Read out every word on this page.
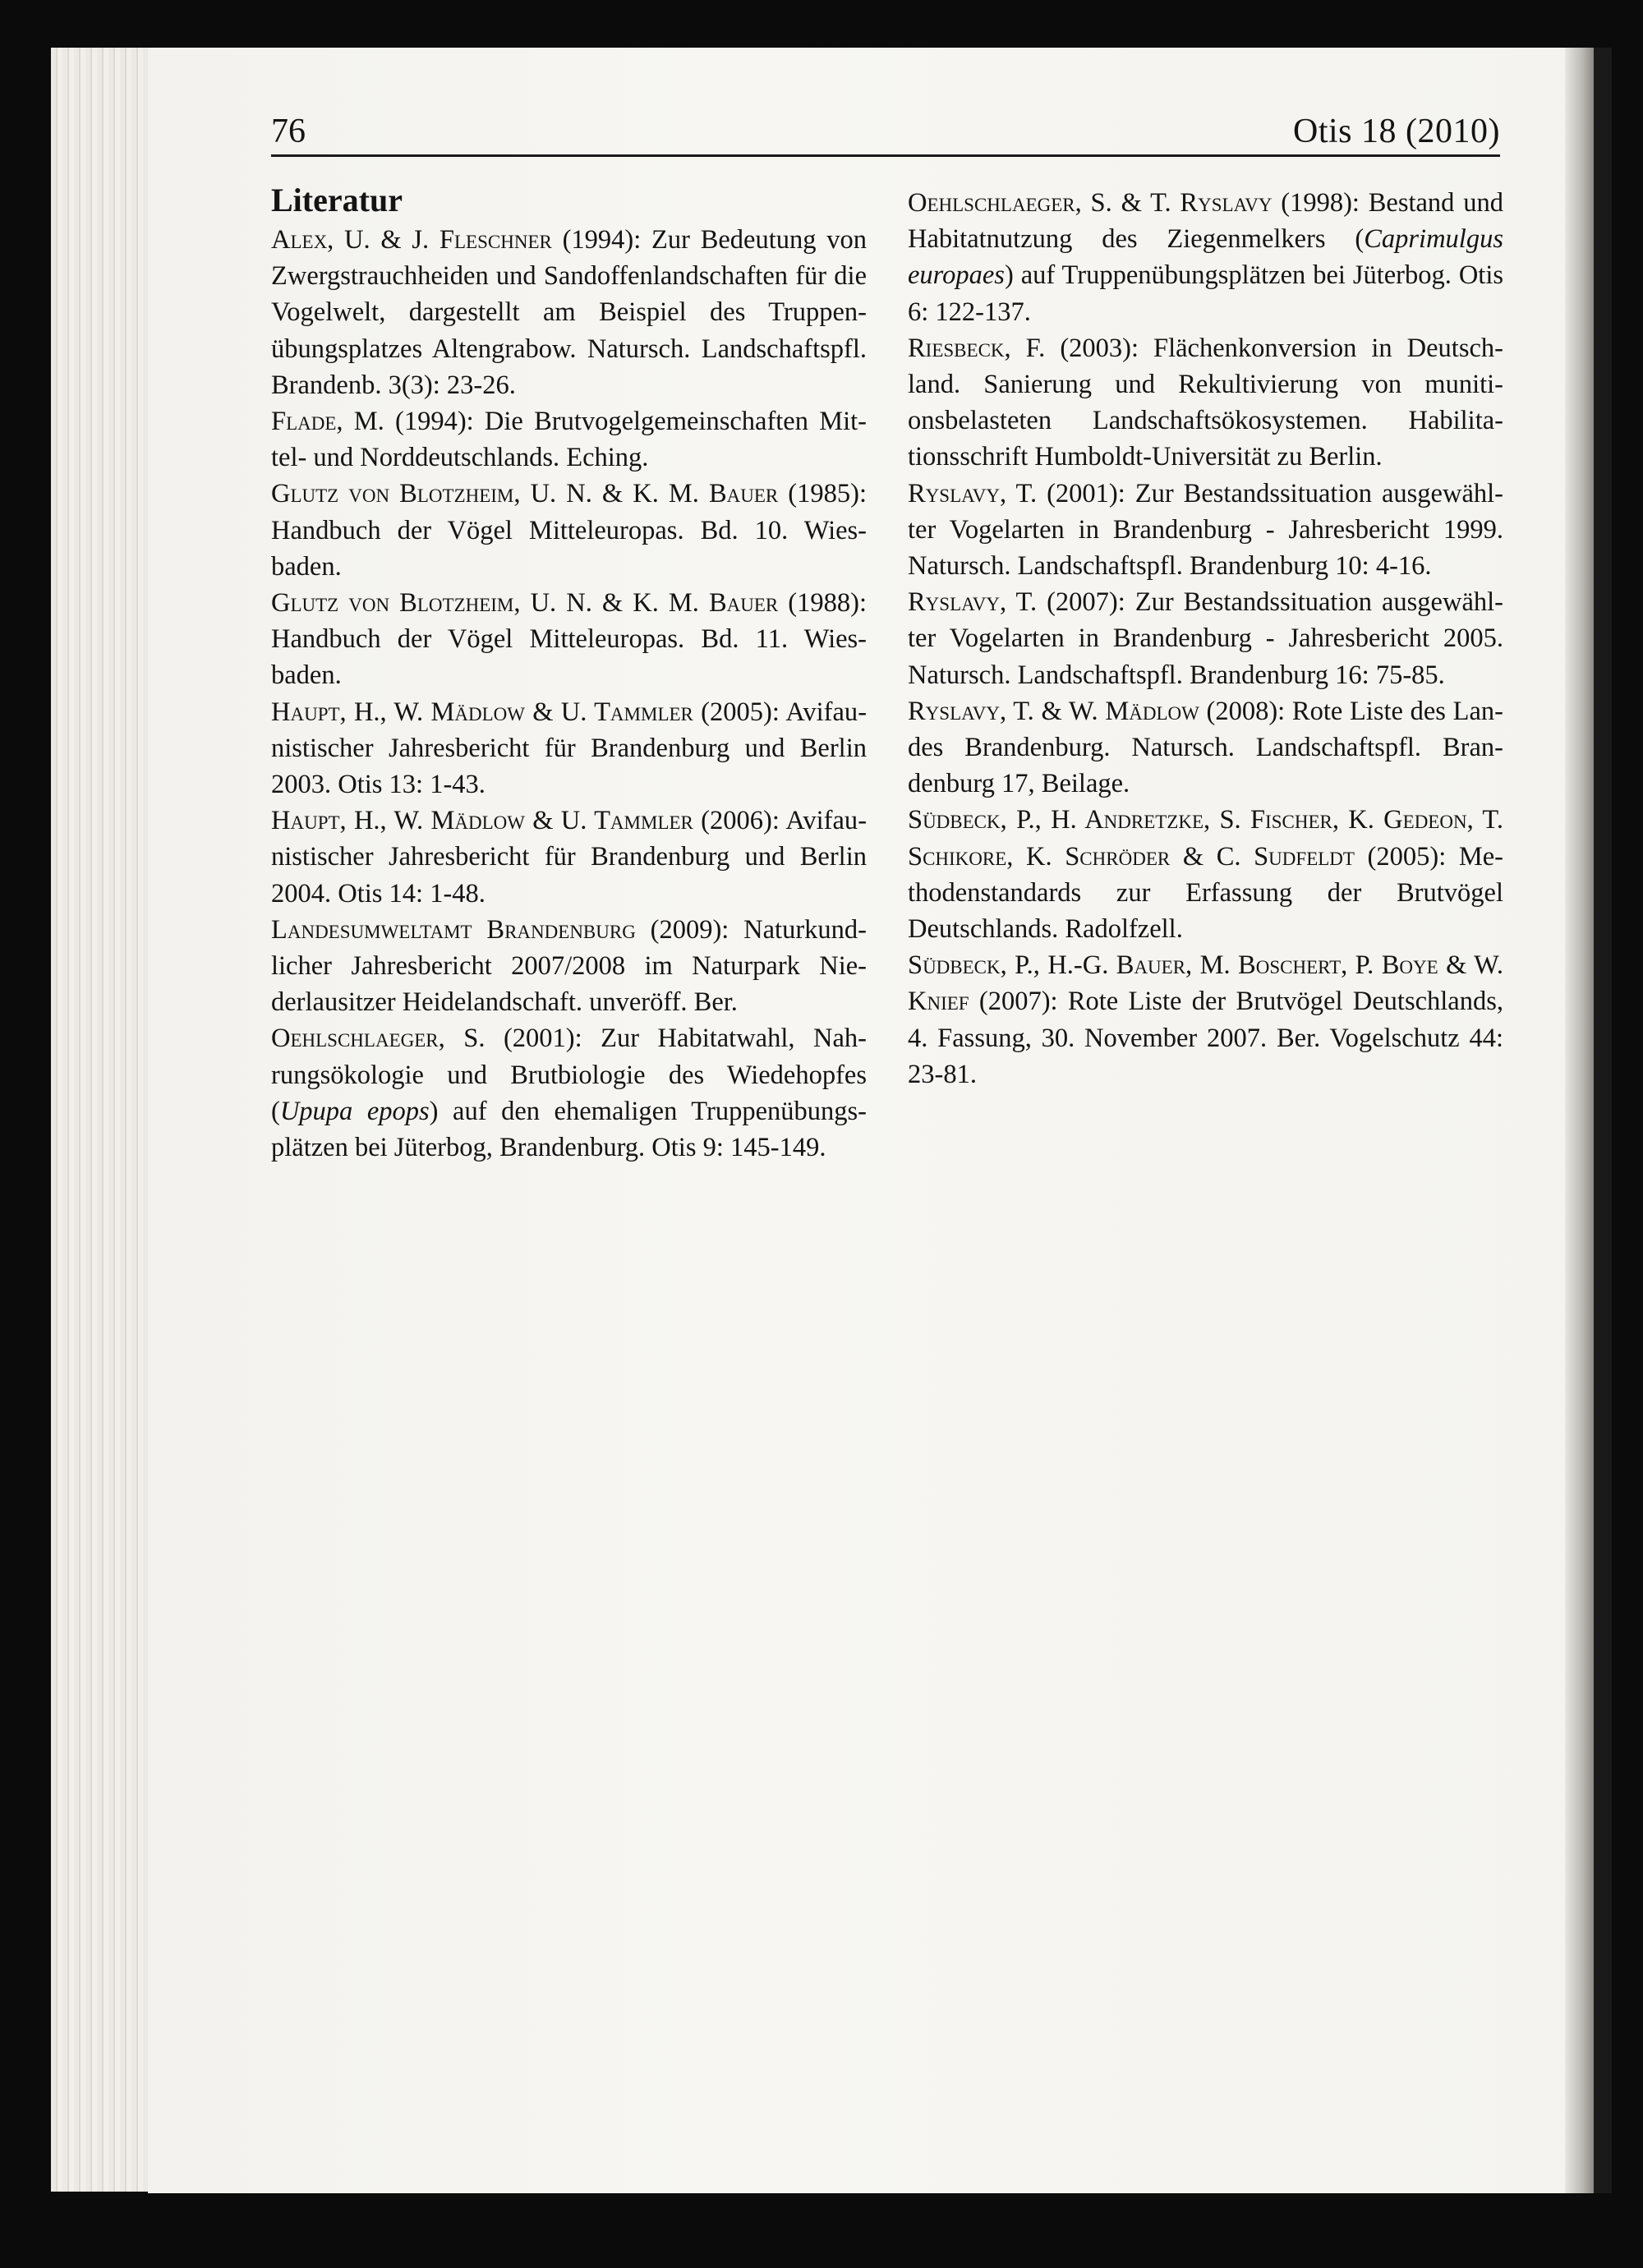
76	Otis 18 (2010)
Literatur

Alex, U. & J. Fleschner (1994): Zur Bedeutung von Zwergstrauchheiden und Sandoffenlandschaften für die Vogelwelt, dargestellt am Beispiel des Truppenübungsplatzes Altengrabow. Natursch. Landschaftspfl. Brandenb. 3(3): 23-26.

Flade, M. (1994): Die Brutvogelgemeinschaften Mittel- und Norddeutschlands. Eching.

Glutz von Blotzheim, U. N. & K. M. Bauer (1985): Handbuch der Vögel Mitteleuropas. Bd. 10. Wiesbaden.

Glutz von Blotzheim, U. N. & K. M. Bauer (1988): Handbuch der Vögel Mitteleuropas. Bd. 11. Wiesbaden.

Haupt, H., W. Mädlow & U. Tammler (2005): Avifaunistischer Jahresbericht für Brandenburg und Berlin 2003. Otis 13: 1-43.

Haupt, H., W. Mädlow & U. Tammler (2006): Avifaunistischer Jahresbericht für Brandenburg und Berlin 2004. Otis 14: 1-48.

Landesumweltamt Brandenburg (2009): Naturkundlicher Jahresbericht 2007/2008 im Naturpark Niederlausitzer Heidelandschaft. unveröff. Ber.

Oehlschlaeger, S. (2001): Zur Habitatwahl, Nahrungsökologie und Brutbiologie des Wiedehopfes (Upupa epops) auf den ehemaligen Truppenübungsplätzen bei Jüterbog, Brandenburg. Otis 9: 145-149.

Oehlschlaeger, S. & T. Ryslavy (1998): Bestand und Habitatnutzung des Ziegenmelkers (Caprimulgus europaes) auf Truppenübungsplätzen bei Jüterbog. Otis 6: 122-137.

Riesbeck, F. (2003): Flächenkonversion in Deutschland. Sanierung und Rekultivierung von munitionsbelasteten Landschaftsökosystemen. Habilitationsschrift Humboldt-Universität zu Berlin.

Ryslavy, T. (2001): Zur Bestandssituation ausgewählter Vogelarten in Brandenburg - Jahresbericht 1999. Natursch. Landschaftspfl. Brandenburg 10: 4-16.

Ryslavy, T. (2007): Zur Bestandssituation ausgewählter Vogelarten in Brandenburg - Jahresbericht 2005. Natursch. Landschaftspfl. Brandenburg 16: 75-85.

Ryslavy, T. & W. Mädlow (2008): Rote Liste des Landes Brandenburg. Natursch. Landschaftspfl. Brandenburg 17, Beilage.

Südbeck, P., H. Andretzke, S. Fischer, K. Gedeon, T. Schikore, K. Schröder & C. Sudfeldt (2005): Methodenstandards zur Erfassung der Brutvögel Deutschlands. Radolfzell.

Südbeck, P., H.-G. Bauer, M. Boschert, P. Boye & W. Knief (2007): Rote Liste der Brutvögel Deutschlands, 4. Fassung, 30. November 2007. Ber. Vogelschutz 44: 23-81.
